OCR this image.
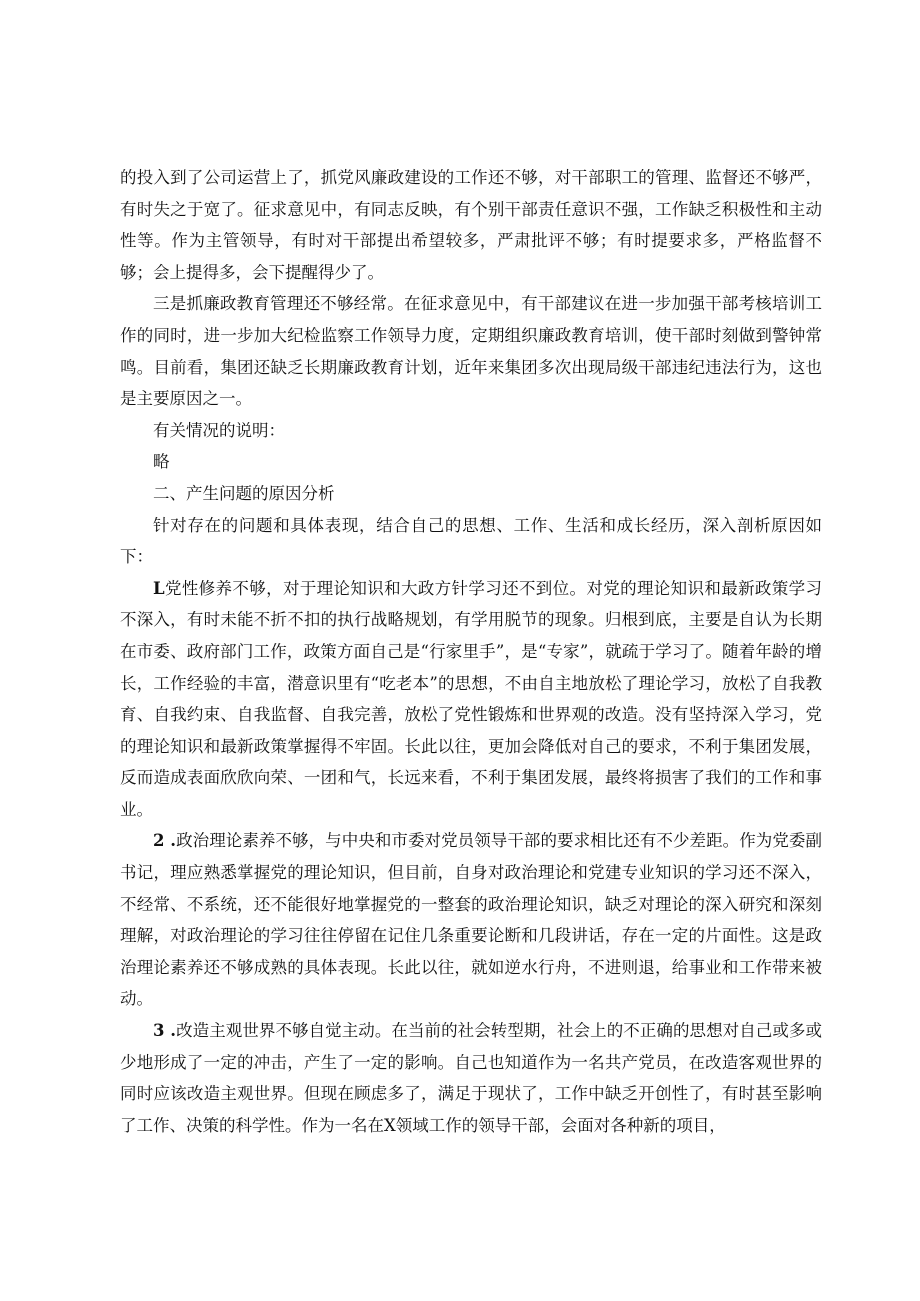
的投入到了公司运营上了，抓党风廉政建设的工作还不够，对干部职工的管理、监督还不够严，有时失之于宽了。征求意见中，有同志反映，有个别干部责任意识不强，工作缺乏积极性和主动性等。作为主管领导，有时对干部提出希望较多，严肃批评不够；有时提要求多，严格监督不够；会上提得多，会下提醒得少了。

三是抓廉政教育管理还不够经常。在征求意见中，有干部建议在进一步加强干部考核培训工作的同时，进一步加大纪检监察工作领导力度，定期组织廉政教育培训，使干部时刻做到警钟常鸣。目前看，集团还缺乏长期廉政教育计划，近年来集团多次出现局级干部违纪违法行为，这也是主要原因之一。

有关情况的说明：

略

二、产生问题的原因分析

针对存在的问题和具体表现，结合自己的思想、工作、生活和成长经历，深入剖析原因如下：

L党性修养不够，对于理论知识和大政方针学习还不到位。对党的理论知识和最新政策学习不深入，有时未能不折不扣的执行战略规划，有学用脱节的现象。归根到底，主要是自认为长期在市委、政府部门工作，政策方面自己是“行家里手”，是“专家”，就疏于学习了。随着年龄的增长，工作经验的丰富，潜意识里有“吃老本”的思想，不由自主地放松了理论学习，放松了自我教育、自我约束、自我监督、自我完善，放松了党性锻炼和世界观的改造。没有坚持深入学习，党的理论知识和最新政策掌握得不牢固。长此以往，更加会降低对自己的要求，不利于集团发展，反而造成表面欣欣向荣、一团和气，长远来看，不利于集团发展，最终将损害了我们的工作和事业。

2 .政治理论素养不够，与中央和市委对党员领导干部的要求相比还有不少差距。作为党委副书记，理应熟悉掌握党的理论知识，但目前，自身对政治理论和党建专业知识的学习还不深入，不经常、不系统，还不能很好地掌握党的一整套的政治理论知识，缺乏对理论的深入研究和深刻理解，对政治理论的学习往往停留在记住几条重要论断和几段讲话，存在一定的片面性。这是政治理论素养还不够成熟的具体表现。长此以往，就如逆水行舟，不进则退，给事业和工作带来被动。

3 .改造主观世界不够自觉主动。在当前的社会转型期，社会上的不正确的思想对自己或多或少地形成了一定的冲击，产生了一定的影响。自己也知道作为一名共产党员，在改造客观世界的同时应该改造主观世界。但现在顾虑多了，满足于现状了，工作中缺乏开创性了，有时甚至影响了工作、决策的科学性。作为一名在X领域工作的领导干部，会面对各种新的项目，
